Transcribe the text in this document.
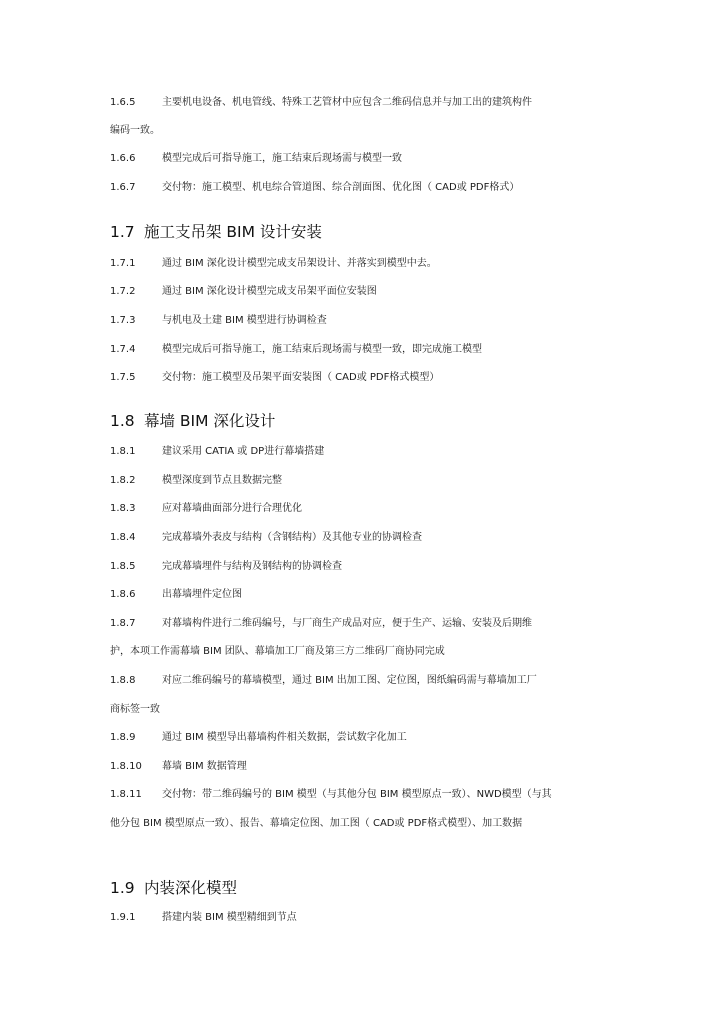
1.6.5	主要机电设备、机电管线、特殊工艺管材中应包含二维码信息并与加工出的建筑构件
编码一致。
1.6.6	模型完成后可指导施工，施工结束后现场需与模型一致
1.6.7	交付物：施工模型、机电综合管道图、综合剖面图、优化图（ CAD或 PDF格式）
1.7 施工支吊架 BIM 设计安装
1.7.1	通过 BIM 深化设计模型完成支吊架设计、并落实到模型中去。
1.7.2	通过 BIM 深化设计模型完成支吊架平面位安装图
1.7.3	与机电及土建 BIM 模型进行协调检查
1.7.4	模型完成后可指导施工，施工结束后现场需与模型一致，即完成施工模型
1.7.5	交付物：施工模型及吊架平面安装图（ CAD或 PDF格式模型）
1.8 幕墙 BIM 深化设计
1.8.1	建议采用 CATIA 或 DP进行幕墙搭建
1.8.2	模型深度到节点且数据完整
1.8.3	应对幕墙曲面部分进行合理优化
1.8.4	完成幕墙外表皮与结构（含钢结构）及其他专业的协调检查
1.8.5	完成幕墙埋件与结构及钢结构的协调检查
1.8.6	出幕墙埋件定位图
1.8.7	对幕墙构件进行二维码编号，与厂商生产成品对应，便于生产、运输、安装及后期维
护，本项工作需幕墙 BIM 团队、幕墙加工厂商及第三方二维码厂商协同完成
1.8.8	对应二维码编号的幕墙模型，通过 BIM 出加工图、定位图，图纸编码需与幕墙加工厂
商标签一致
1.8.9	通过 BIM 模型导出幕墙构件相关数据，尝试数字化加工
1.8.10 幕墙 BIM 数据管理
1.8.11 交付物：带二维码编号的 BIM 模型（与其他分包 BIM 模型原点一致）、NWD模型（与其
他分包 BIM 模型原点一致）、报告、幕墙定位图、加工图（ CAD或 PDF格式模型）、加工数据
1.9 内装深化模型
1.9.1	搭建内装 BIM 模型精细到节点
